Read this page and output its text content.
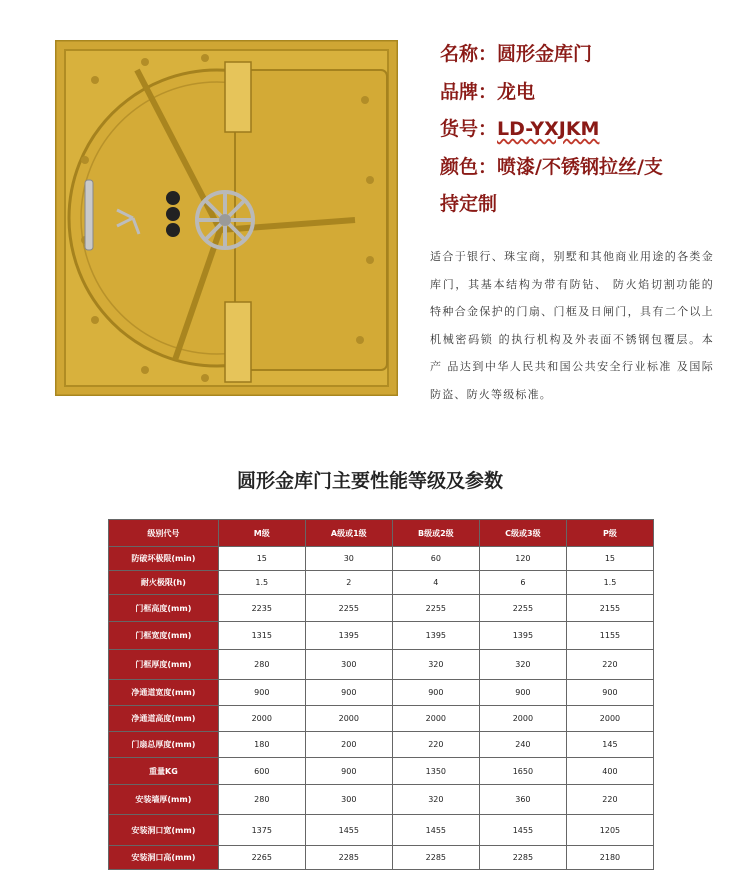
名称：圆形金库门

品牌：龙电

货号：LD-YXJKM

颜色：喷漆/不锈钢拉丝/支

持定制

适合于银行、珠宝商，别墅和其他商业用途的各类金库门，其基本结构为带有防钻、 防火焰切割功能的特种合金保护的门扇、门框及日闸门，具有二个以上机械密码锁 的执行机构及外表面不锈钢包覆层。本产 品达到中华人民共和国公共安全行业标准 及国际防盗、防火等级标准。
圆形金库门主要性能等级及参数
级别代号	M级	A级或1级	B级或2级	C级或3级	P级
防破坏极限(min)	15	30	60	120	15
耐火极限(h)	1.5	2	4	6	1.5
门框高度(mm)	2235	2255	2255	2255	2155
门框宽度(mm)	1315	1395	1395	1395	1155
门框厚度(mm)	280	300	320	320	220
净通道宽度(mm)	900	900	900	900	900
净通道高度(mm)	2000	2000	2000	2000	2000
门扇总厚度(mm)	180	200	220	240	145
重量KG	600	900	1350	1650	400
安装墙厚(mm)	280	300	320	360	220
安装洞口宽(mm)	1375	1455	1455	1455	1205
安装洞口高(mm)	2265	2285	2285	2285	2180
